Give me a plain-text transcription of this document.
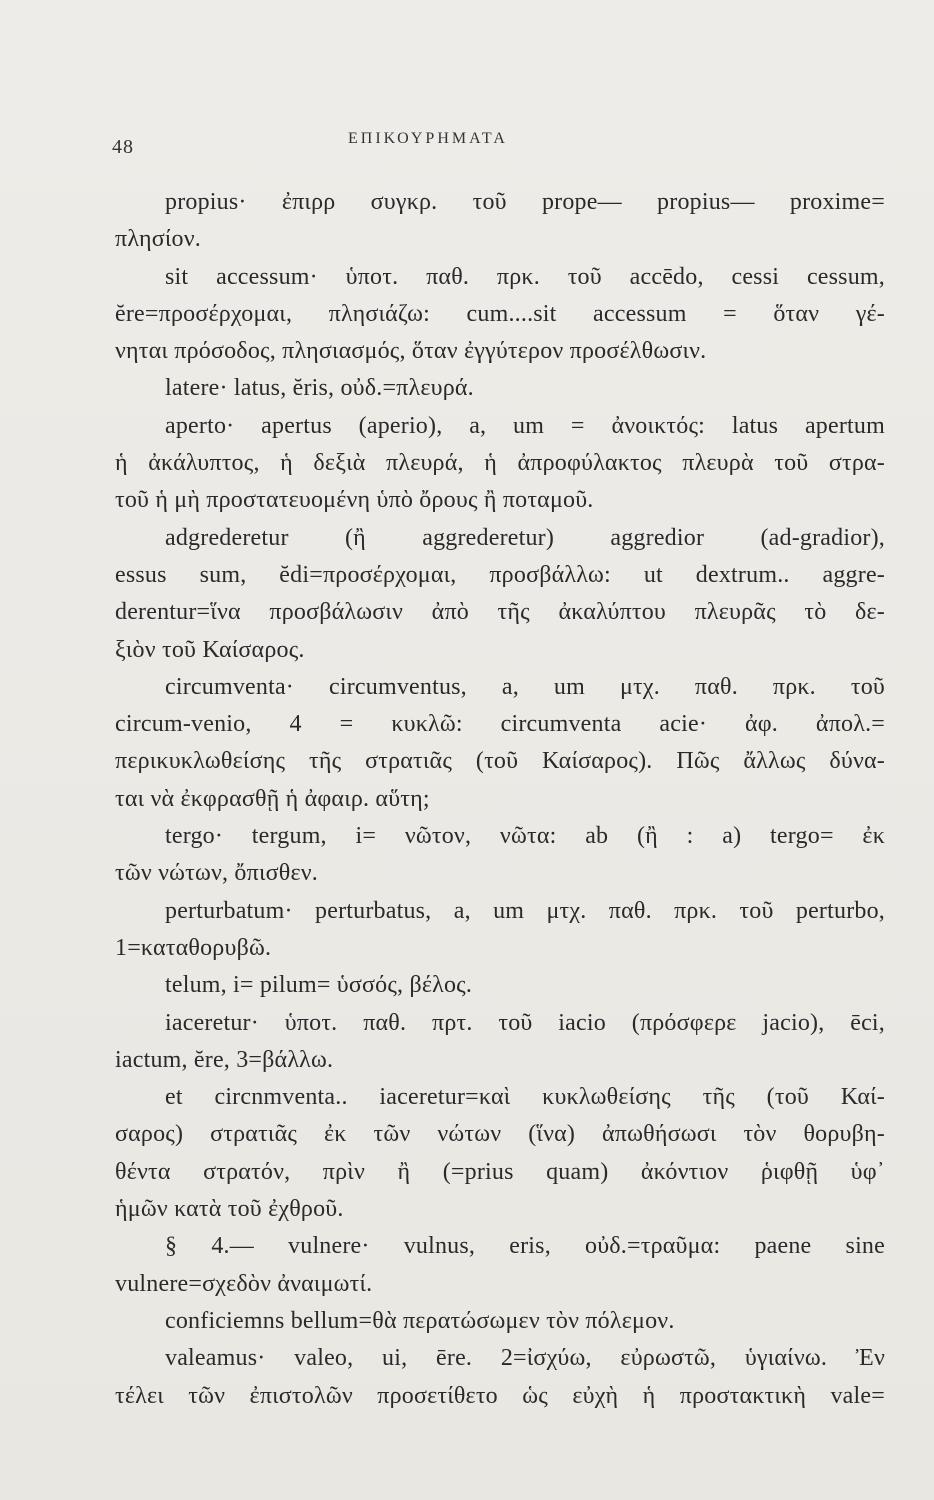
48	ΕΠΙΚΟΥΡΗΜΑΤΑ
propius· ἐπιρρ συγκρ. τοῦ prope— propius— proxime=
πλησίον.
sit accessum· ὑποτ. παθ. πρκ. τοῦ accēdo, cessi cessum,
ĕre=προσέρχομαι, πλησιάζω: cum....sit accessum = ὅταν γέ-
νηται πρόσοδος, πλησιασμός, ὅταν ἐγγύτερον προσέλθωσιν.
latere· latus, ĕris, οὐδ.=πλευρά.
aperto· apertus (aperio), a, um = ἀνοικτός: latus apertum
ἡ ἀκάλυπτος, ἡ δεξιὰ πλευρά, ἡ ἀπροφύλακτος πλευρὰ τοῦ στρα-
τοῦ ἡ μὴ προστατευομένη ὑπὸ ὄρους ἢ ποταμοῦ.
adgrederetur (ἢ aggrederetur) aggredior (ad-gradior),
essus sum, ĕdi=προσέρχομαι, προσβάλλω: ut dextrum.. aggre-
derentur=ἵνα προσβάλωσιν ἀπὸ τῆς ἀκαλύπτου πλευρᾶς τὸ δε-
ξιὸν τοῦ Καίσαρος.
circumventa· circumventus, a, um μτχ. παθ. πρκ. τοῦ
circum-venio, 4 = κυκλῶ: circumventa acie· ἀφ. ἀπολ.=
περικυκλωθείσης τῆς στρατιᾶς (τοῦ Καίσαρος). Πῶς ἄλλως δύνα-
ται νὰ ἐκφρασθῇ ἡ ἀφαιρ. αὕτη;
tergo· tergum, i= νῶτον, νῶτα: ab (ἢ : a) tergo= ἐκ
τῶν νώτων, ὄπισθεν.
perturbatum· perturbatus, a, um μτχ. παθ. πρκ. τοῦ perturbo,
1=καταθορυβῶ.
telum, i= pilum= ὑσσός, βέλος.
iaceretur· ὑποτ. παθ. πρτ. τοῦ iacio (πρόσφερε jacio), ēci,
iactum, ĕre, 3=βάλλω.
et circnmventa.. iaceretur=καὶ κυκλωθείσης τῆς (τοῦ Καί-
σαρος) στρατιᾶς ἐκ τῶν νώτων (ἵνα) ἀπωθήσωσι τὸν θορυβη-
θέντα στρατόν, πρὶν ἢ (=prius quam) ἀκόντιον ῥιφθῇ ὑφ᾽
ἡμῶν κατὰ τοῦ ἐχθροῦ.
§ 4.— vulnere· vulnus, eris, οὐδ.=τραῦμα: paene sine
vulnere=σχεδὸν ἀναιμωτί.
conficiemns bellum=θὰ περατώσωμεν τὸν πόλεμον.
valeamus· valeo, ui, ēre. 2=ἰσχύω, εὐρωστῶ, ὑγιαίνω. Ἐν
τέλει τῶν ἐπιστολῶν προσετίθετο ὡς εὐχὴ ἡ προστακτικὴ vale=
